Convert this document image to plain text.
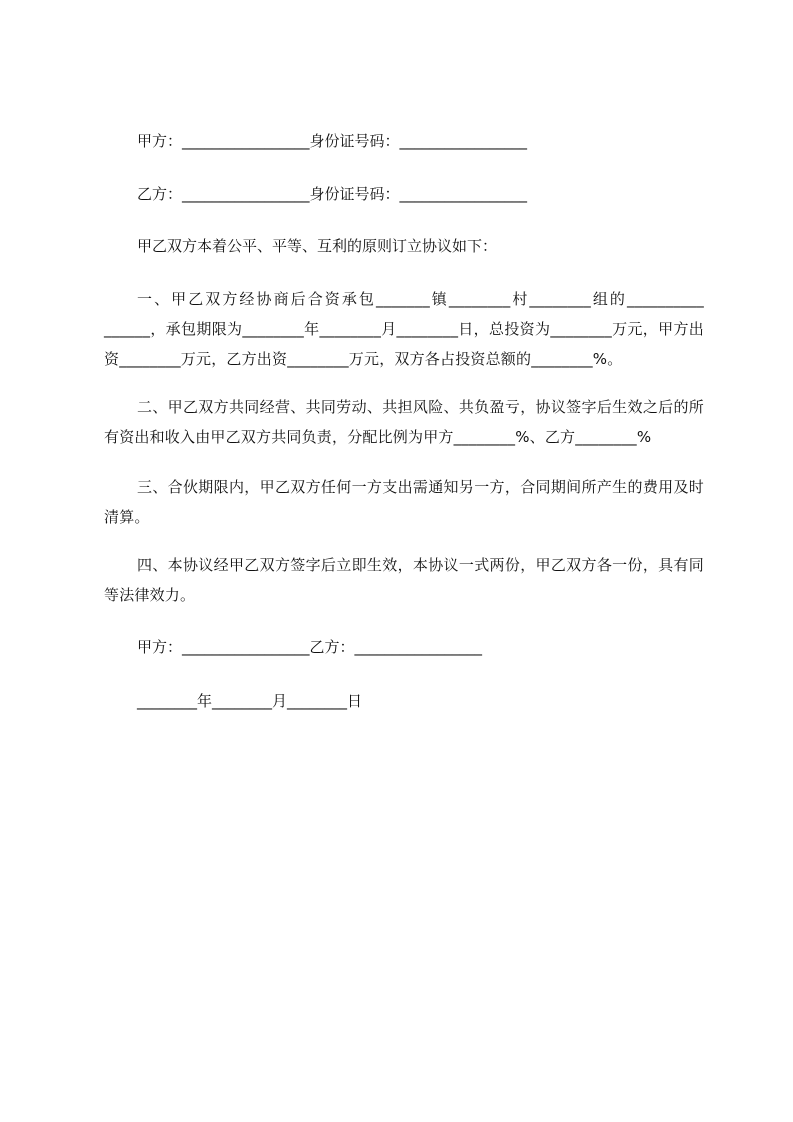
甲方：_________________身份证号码：_________________
乙方：_________________身份证号码：_________________
甲乙双方本着公平、平等、互利的原则订立协议如下：
一、甲乙双方经协商后合资承包_______镇________村________组的__________ ______，承包期限为________年________月________日，总投资为________万元，甲方出资________万元，乙方出资________万元，双方各占投资总额的________%。
二、甲乙双方共同经营、共同劳动、共担风险、共负盈亏，协议签字后生效之后的所有资出和收入由甲乙双方共同负责，分配比例为甲方________%、乙方________%
三、合伙期限内，甲乙双方任何一方支出需通知另一方，合同期间所产生的费用及时清算。
四、本协议经甲乙双方签字后立即生效，本协议一式两份，甲乙双方各一份，具有同等法律效力。
甲方：_________________乙方：_________________
________年________月________日
